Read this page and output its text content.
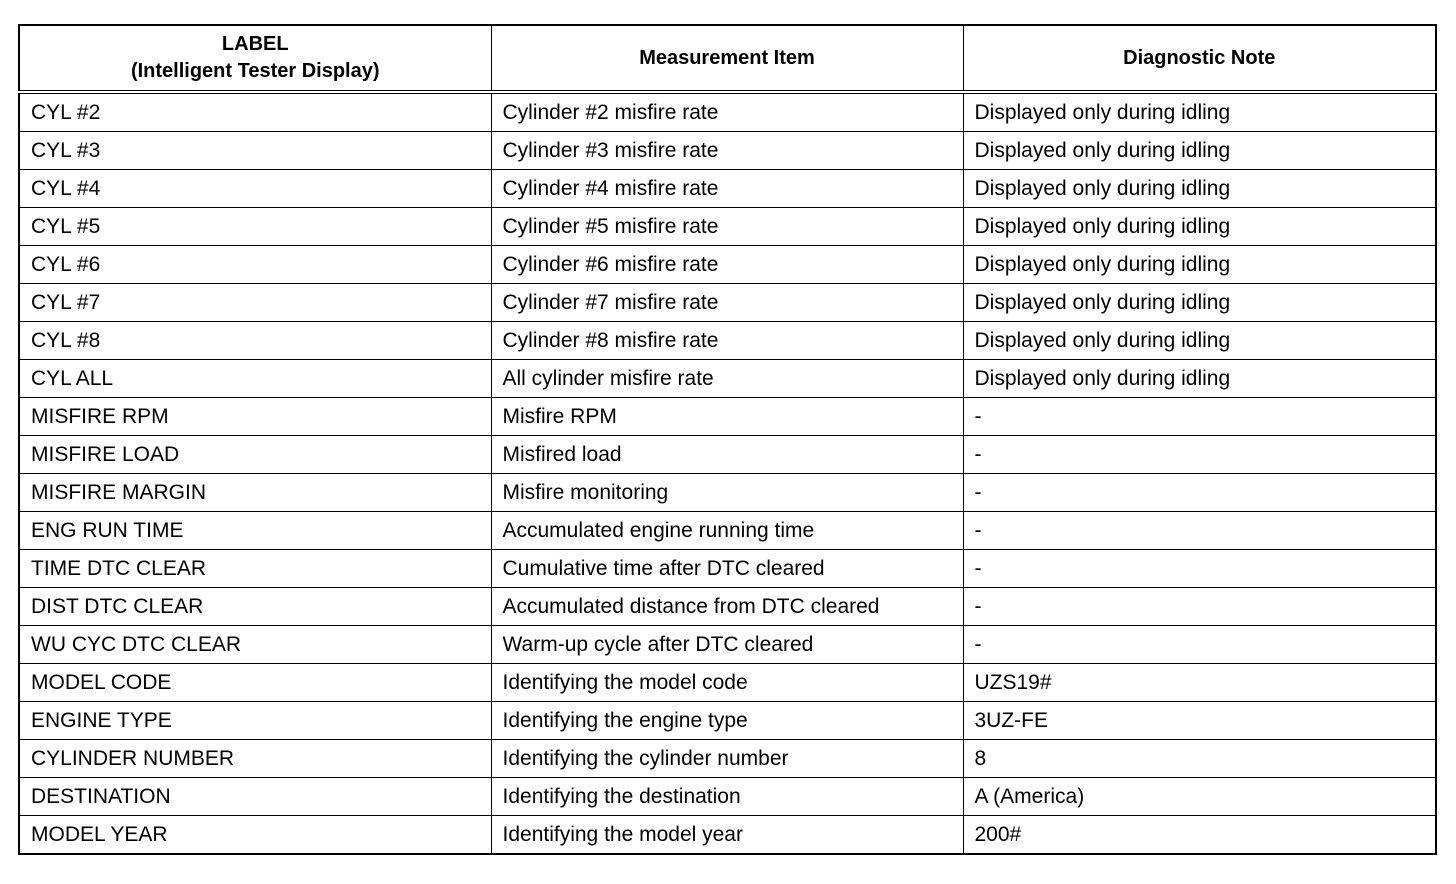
LABEL
(Intelligent Tester Display)	Measurement Item	Diagnostic Note
CYL #2	Cylinder #2 misfire rate	Displayed only during idling
CYL #3	Cylinder #3 misfire rate	Displayed only during idling
CYL #4	Cylinder #4 misfire rate	Displayed only during idling
CYL #5	Cylinder #5 misfire rate	Displayed only during idling
CYL #6	Cylinder #6 misfire rate	Displayed only during idling
CYL #7	Cylinder #7 misfire rate	Displayed only during idling
CYL #8	Cylinder #8 misfire rate	Displayed only during idling
CYL ALL	All cylinder misfire rate	Displayed only during idling
MISFIRE RPM	Misfire RPM	-
MISFIRE LOAD	Misfired load	-
MISFIRE MARGIN	Misfire monitoring	-
ENG RUN TIME	Accumulated engine running time	-
TIME DTC CLEAR	Cumulative time after DTC cleared	-
DIST DTC CLEAR	Accumulated distance from DTC cleared	-
WU CYC DTC CLEAR	Warm-up cycle after DTC cleared	-
MODEL CODE	Identifying the model code	UZS19#
ENGINE TYPE	Identifying the engine type	3UZ-FE
CYLINDER NUMBER	Identifying the cylinder number	8
DESTINATION	Identifying the destination	A (America)
MODEL YEAR	Identifying the model year	200#
